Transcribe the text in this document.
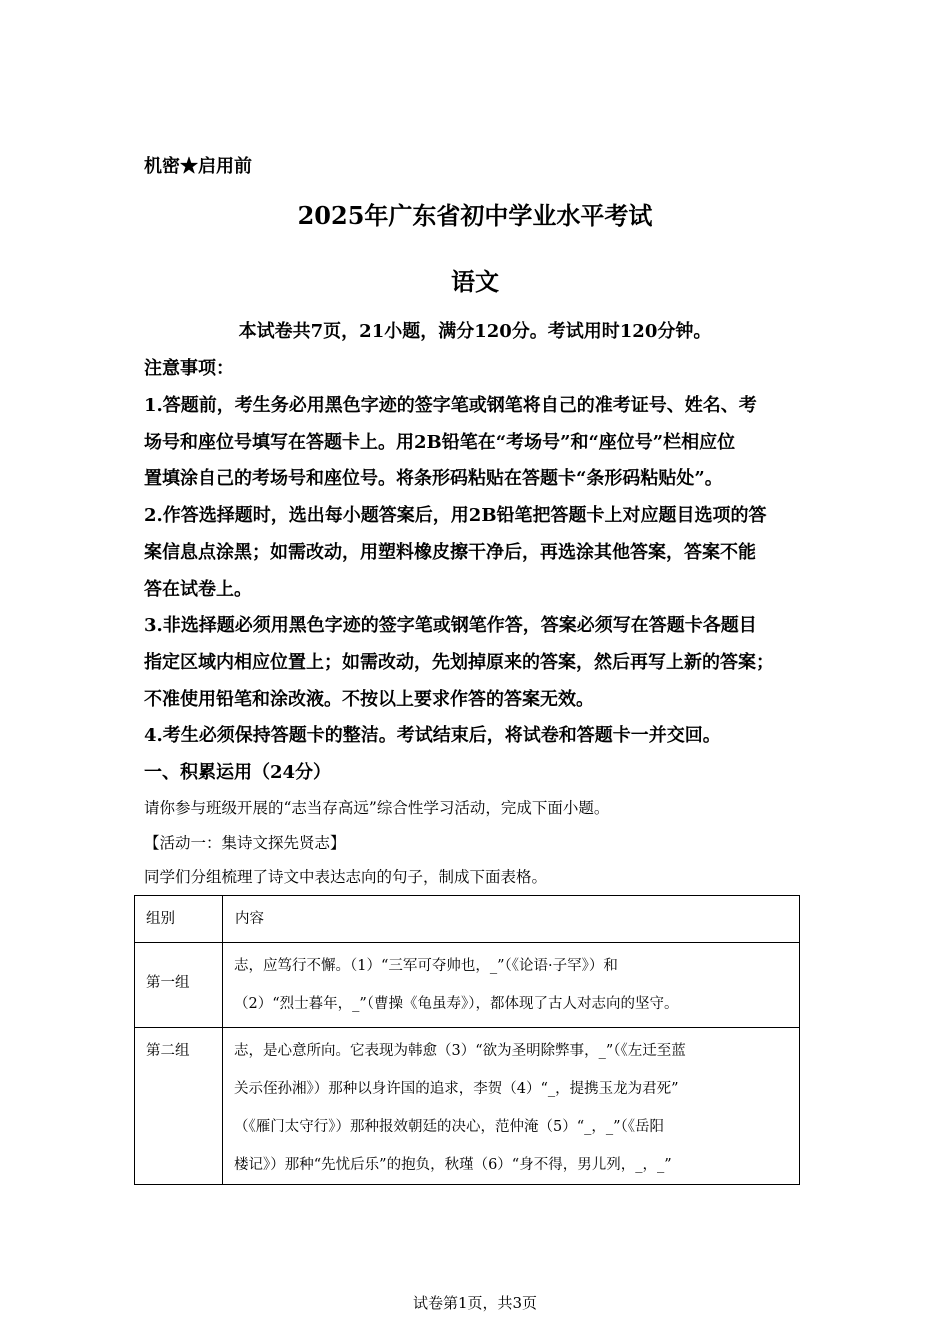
机密★启用前
2025年广东省初中学业水平考试
语文
本试卷共7页，21小题，满分120分。考试用时120分钟。
注意事项：
1.答题前，考生务必用黑色字迹的签字笔或钢笔将自己的准考证号、姓名、考
场号和座位号填写在答题卡上。用2B铅笔在“考场号”和“座位号”栏相应位
置填涂自己的考场号和座位号。将条形码粘贴在答题卡“条形码粘贴处”。
2.作答选择题时，选出每小题答案后，用2B铅笔把答题卡上对应题目选项的答
案信息点涂黑；如需改动，用塑料橡皮擦干净后，再选涂其他答案，答案不能
答在试卷上。
3.非选择题必须用黑色字迹的签字笔或钢笔作答，答案必须写在答题卡各题目
指定区域内相应位置上；如需改动，先划掉原来的答案，然后再写上新的答案；
不准使用铅笔和涂改液。不按以上要求作答的答案无效。
4.考生必须保持答题卡的整洁。考试结束后，将试卷和答题卡一并交回。
一、积累运用（24分）
请你参与班级开展的“志当存高远”综合性学习活动，完成下面小题。
【活动一：集诗文探先贤志】
同学们分组梳理了诗文中表达志向的句子，制成下面表格。
组别	内容

第一组	志，应笃行不懈。（1）“三军可夺帅也，_”（《论语·子罕》）和
（2）“烈士暮年，_”（曹操《龟虽寿》），都体现了古人对志向的坚守。

第二组	志，是心意所向。它表现为韩愈（3）“欲为圣明除弊事，_”（《左迁至蓝
关示侄孙湘》）那种以身许国的追求，李贺（4）“_，提携玉龙为君死”
（《雁门太守行》）那种报效朝廷的决心，范仲淹（5）“_，_”（《岳阳
楼记》）那种“先忧后乐”的抱负，秋瑾（6）“身不得，男儿列，_，_”
试卷第1页，共3页
